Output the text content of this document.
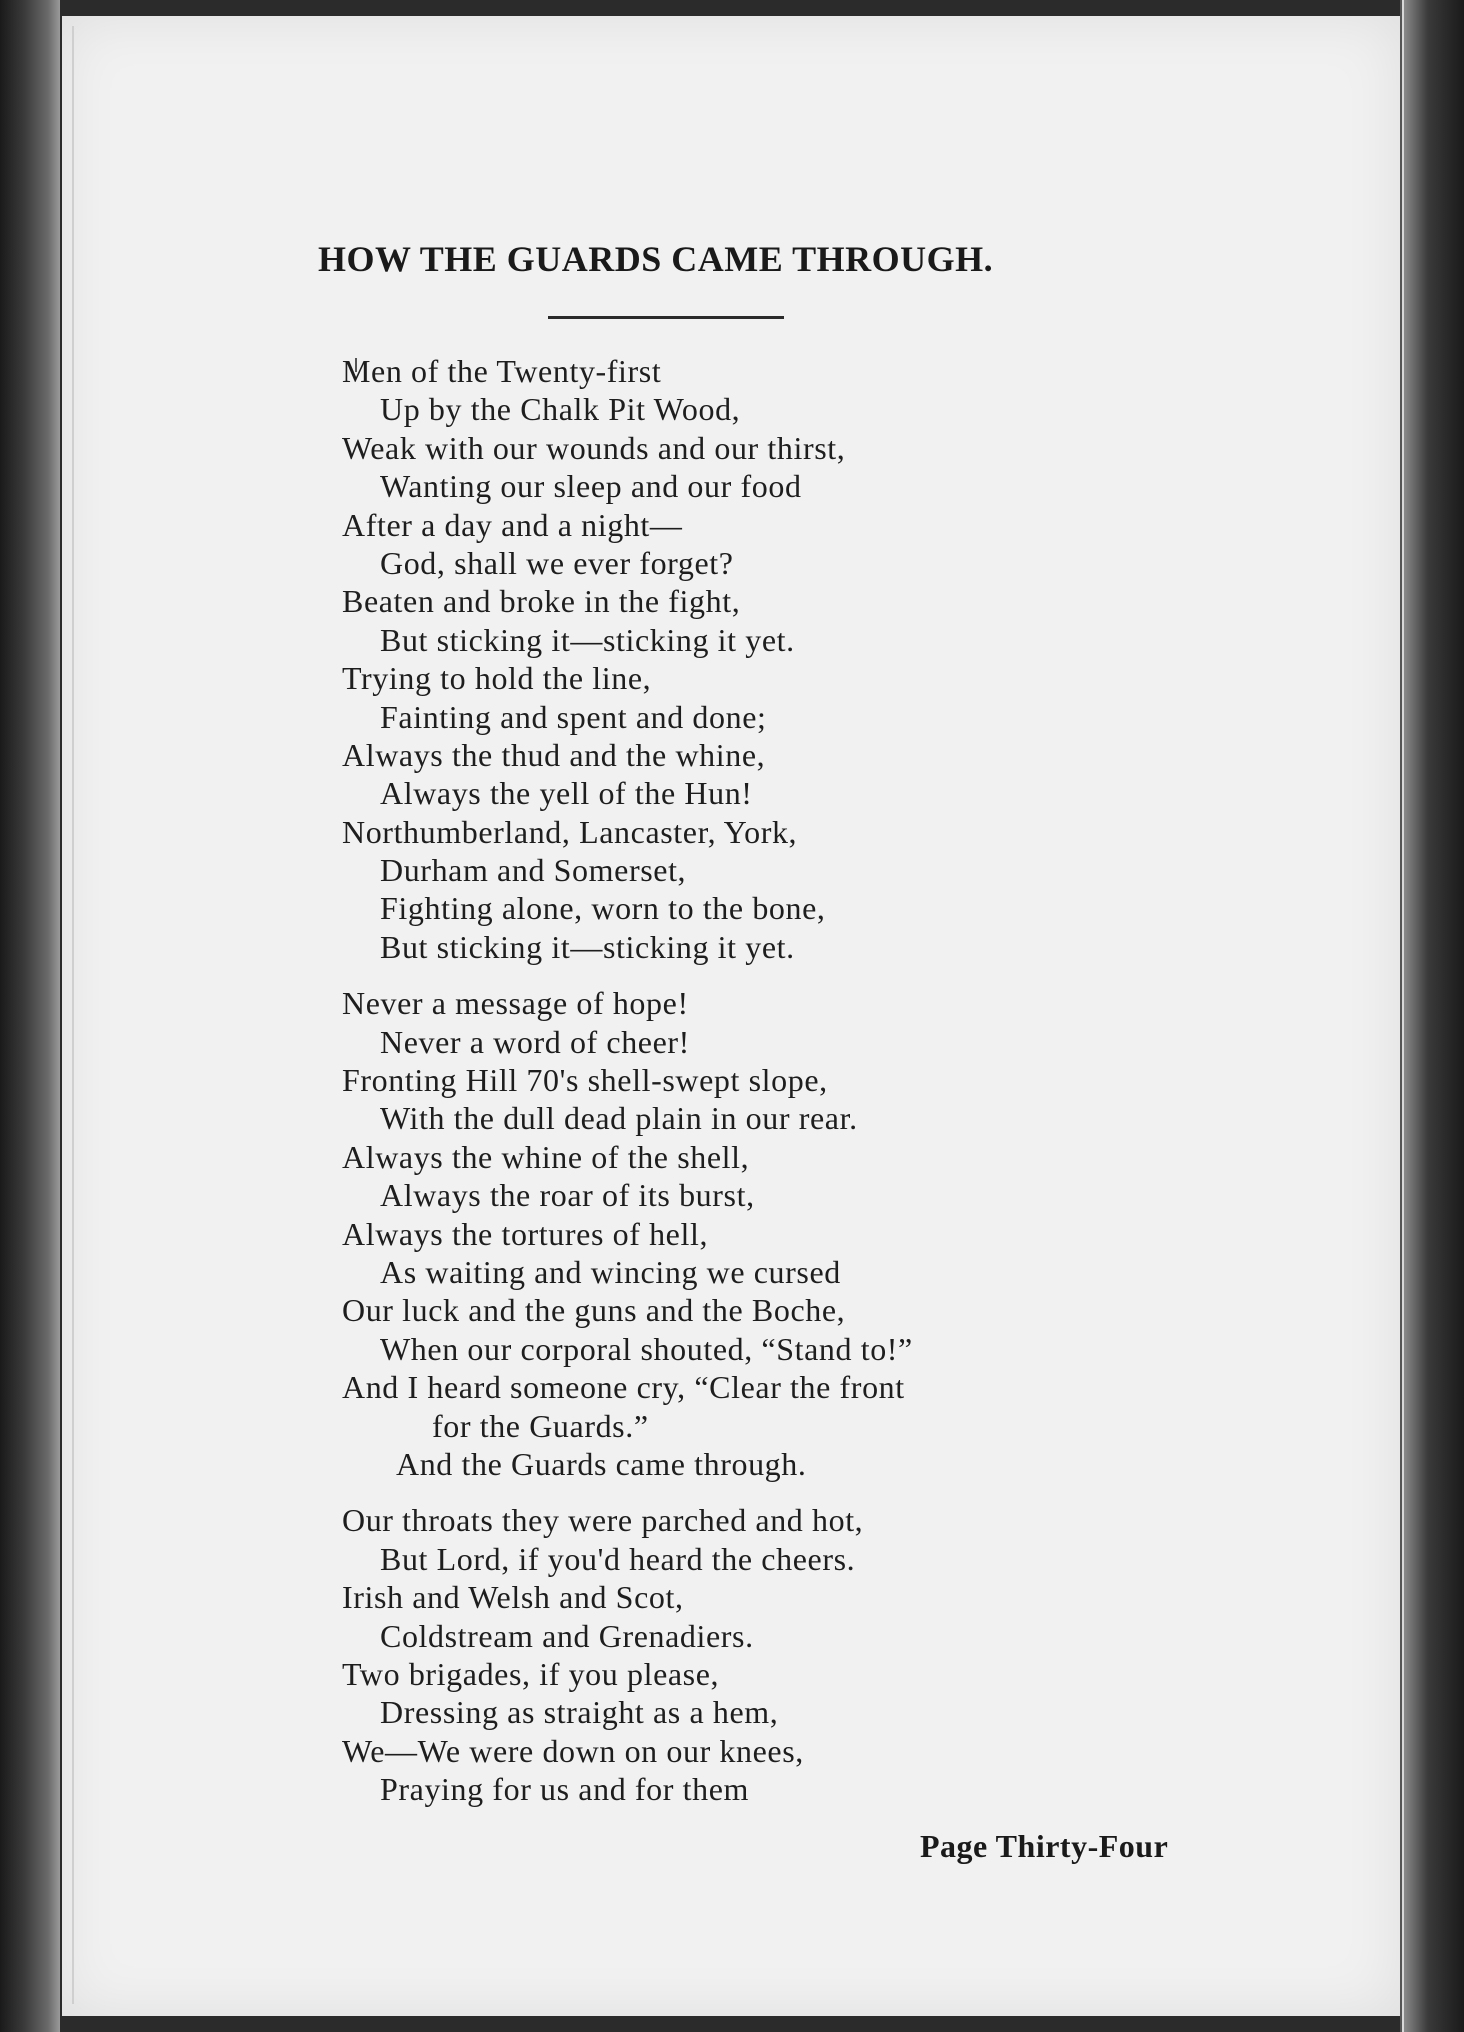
HOW THE GUARDS CAME THROUGH.
Men of the Twenty-first
Up by the Chalk Pit Wood,
Weak with our wounds and our thirst,
Wanting our sleep and our food
After a day and a night—
God, shall we ever forget?
Beaten and broke in the fight,
But sticking it—sticking it yet.
Trying to hold the line,
Fainting and spent and done;
Always the thud and the whine,
Always the yell of the Hun!
Northumberland, Lancaster, York,
Durham and Somerset,
Fighting alone, worn to the bone,
But sticking it—sticking it yet.
Never a message of hope!
Never a word of cheer!
Fronting Hill 70's shell-swept slope,
With the dull dead plain in our rear.
Always the whine of the shell,
Always the roar of its burst,
Always the tortures of hell,
As waiting and wincing we cursed
Our luck and the guns and the Boche,
When our corporal shouted, “Stand to!”
And I heard someone cry, “Clear the front
for the Guards.”
And the Guards came through.
Our throats they were parched and hot,
But Lord, if you'd heard the cheers.
Irish and Welsh and Scot,
Coldstream and Grenadiers.
Two brigades, if you please,
Dressing as straight as a hem,
We—We were down on our knees,
Praying for us and for them
Page Thirty-Four
